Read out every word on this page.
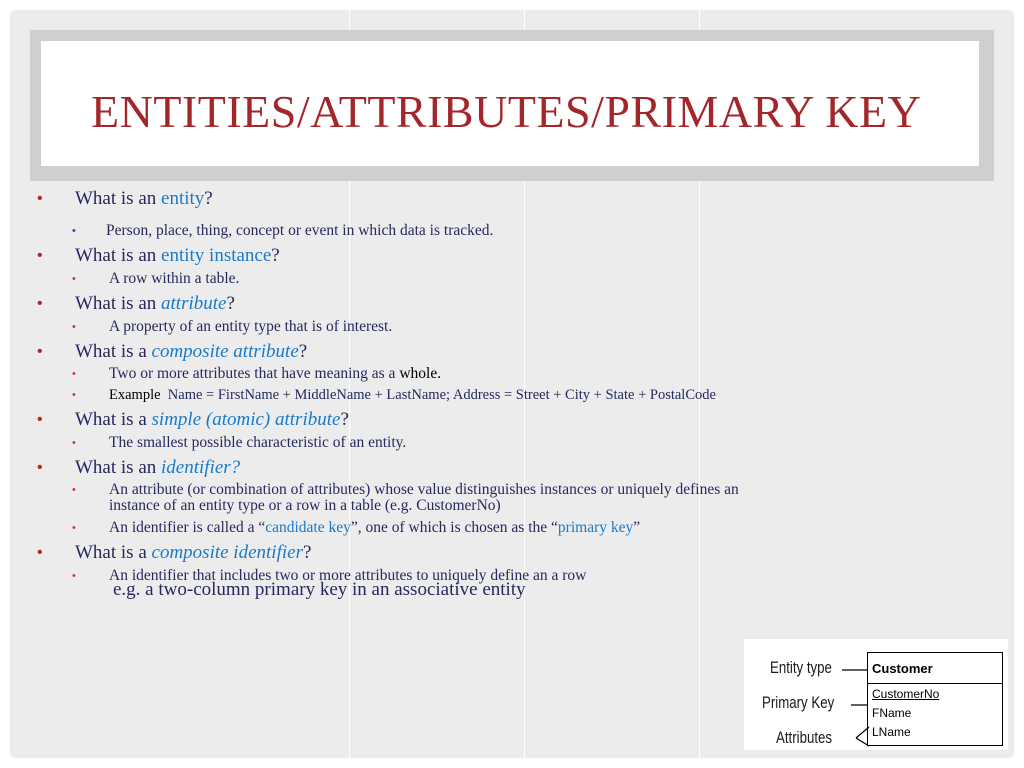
ENTITIES/ATTRIBUTES/PRIMARY KEY
• What is an entity?
• Person, place, thing, concept or event in which data is tracked.
• What is an entity instance?
• A row within a table.
• What is an attribute?
• A property of an entity type that is of interest.
• What is a composite attribute?
• Two or more attributes that have meaning as a whole.
• Example Name = FirstName + MiddleName + LastName; Address = Street + City + State + PostalCode
• What is a simple (atomic) attribute?
• The smallest possible characteristic of an entity.
• What is an identifier?
• An attribute (or combination of attributes) whose value distinguishes instances or uniquely defines an
instance of an entity type or a row in a table (e.g. CustomerNo)
• An identifier is called a “candidate key”, one of which is chosen as the “primary key”
• What is a composite identifier?
• An identifier that includes two or more attributes to uniquely define an a row
e.g. a two-column primary key in an associative entity
Entity type
Primary Key
Attributes
Customer
CustomerNo
FName
LName
